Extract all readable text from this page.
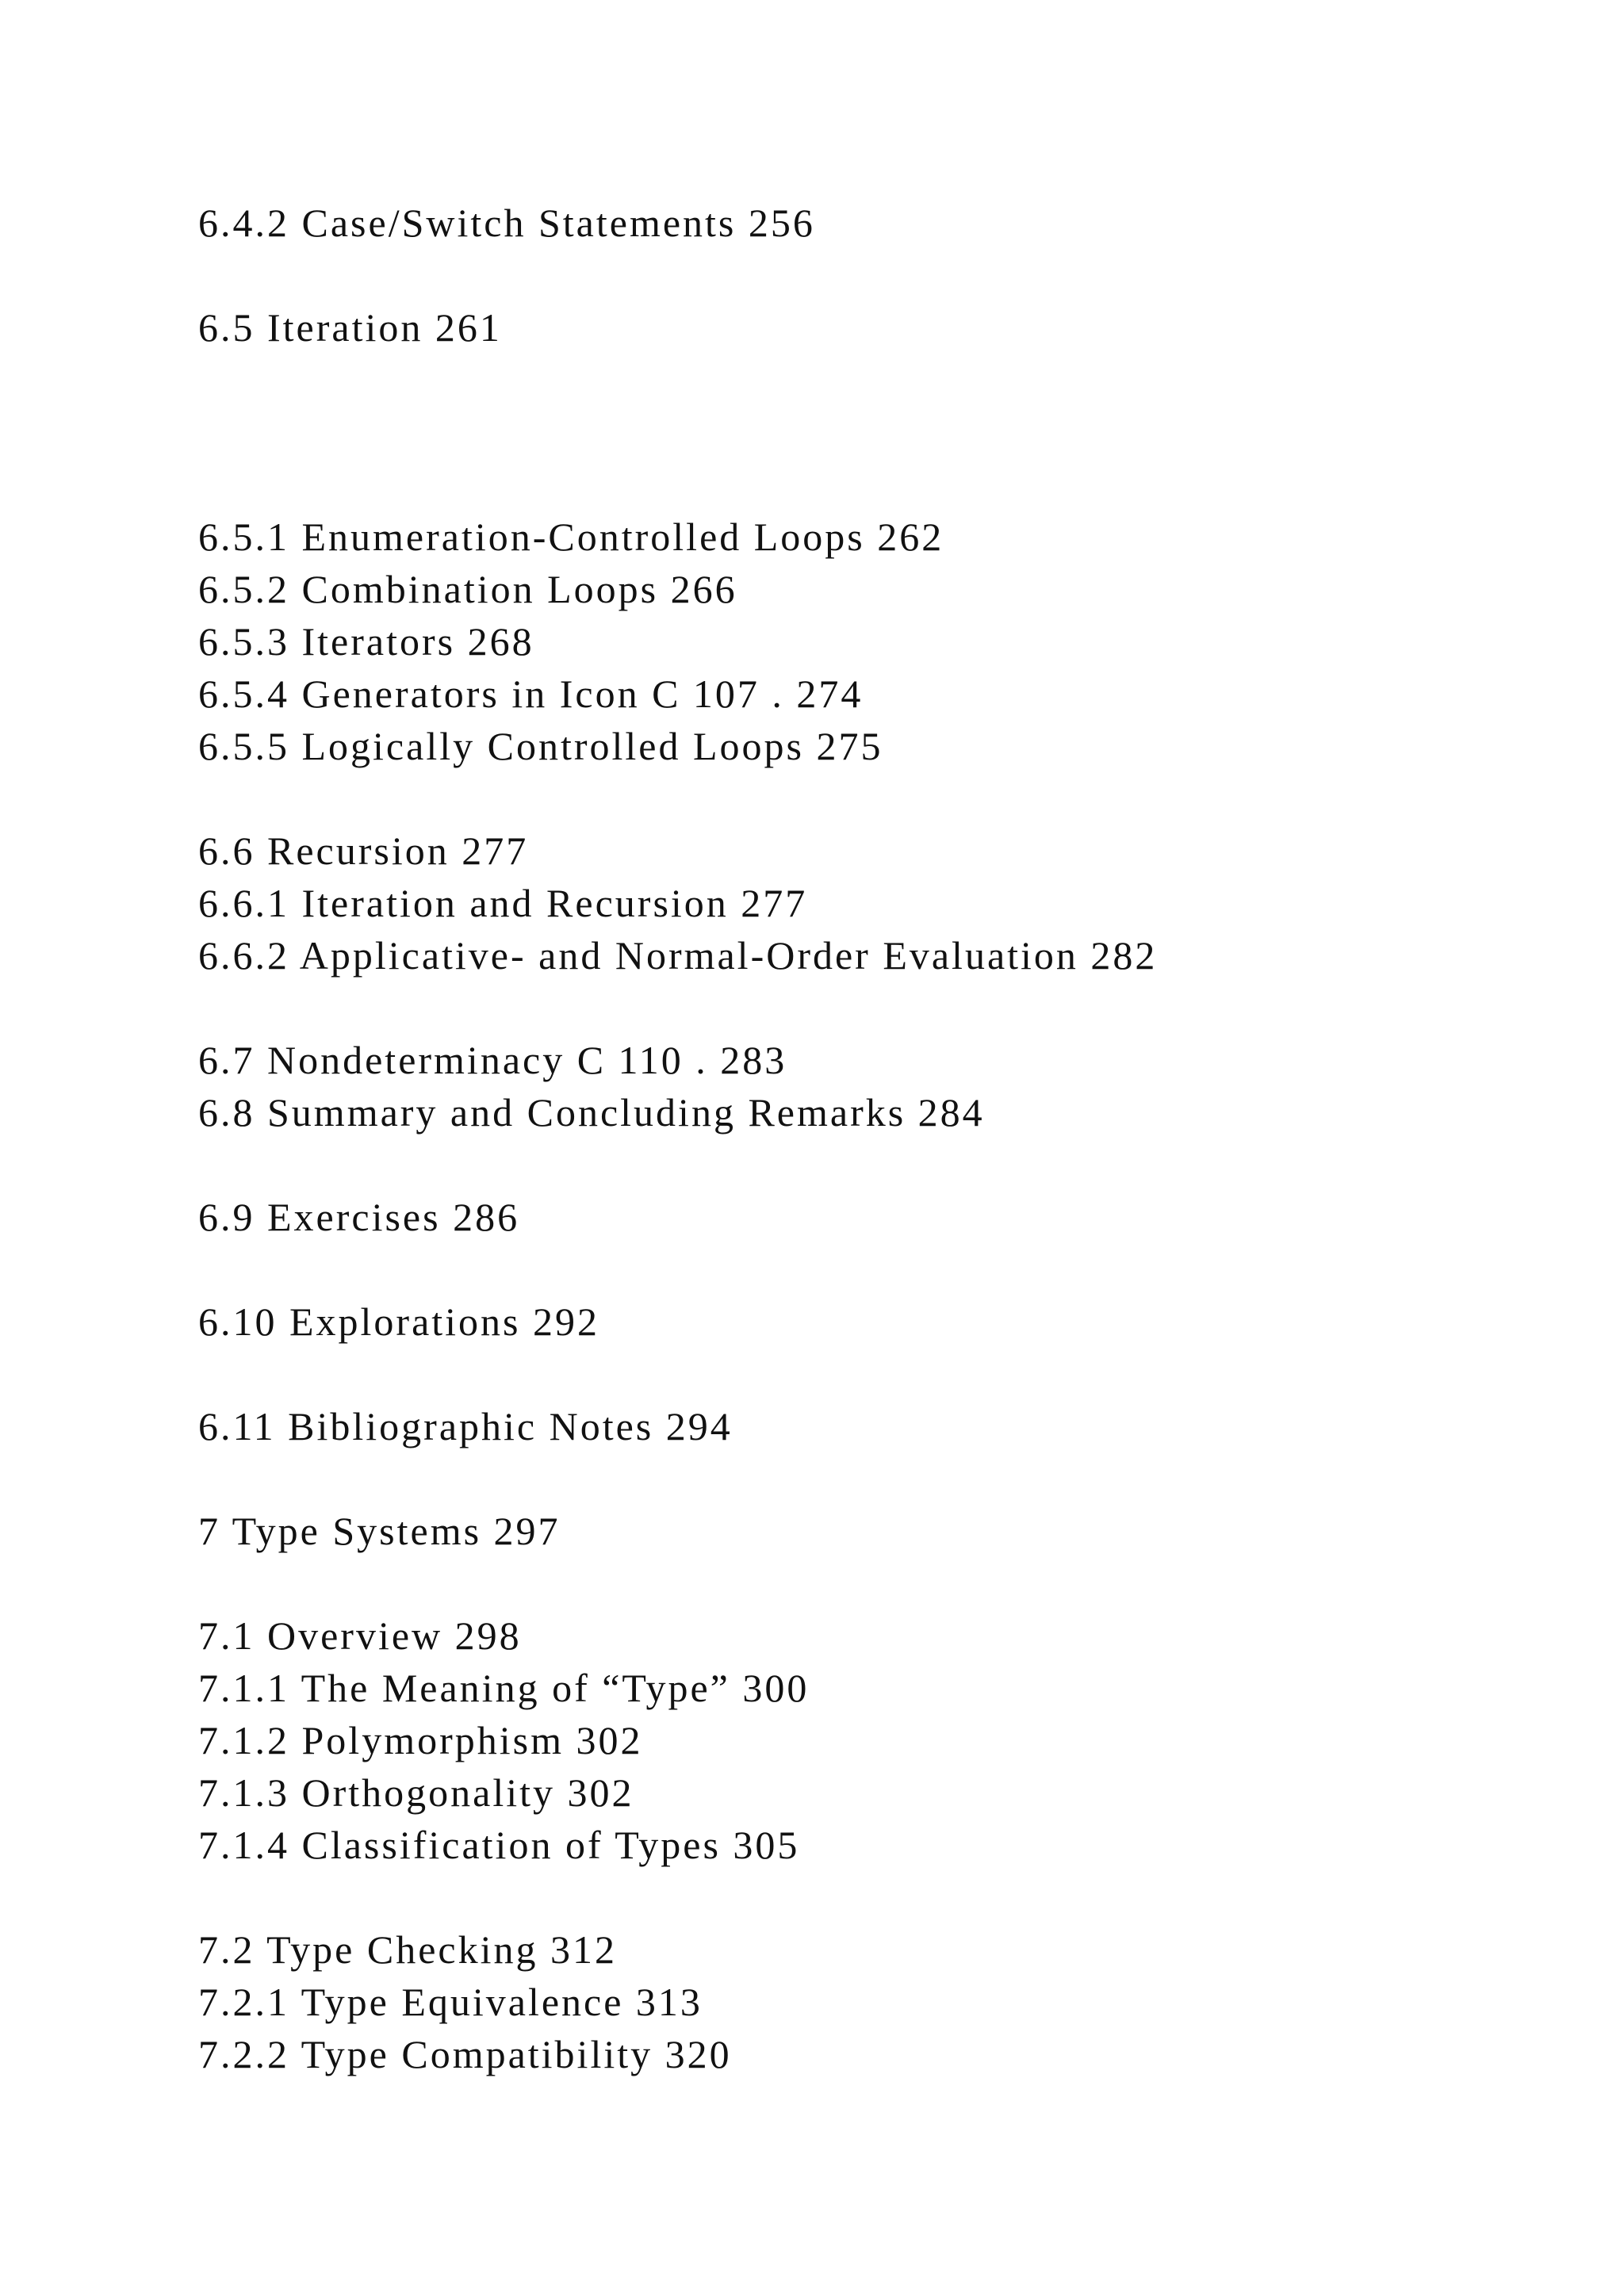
6.4.2 Case/Switch Statements 256
6.5 Iteration 261
6.5.1 Enumeration-Controlled Loops 262
6.5.2 Combination Loops 266
6.5.3 Iterators 268
6.5.4 Generators in Icon C 107 . 274
6.5.5 Logically Controlled Loops 275
6.6 Recursion 277
6.6.1 Iteration and Recursion 277
6.6.2 Applicative- and Normal-Order Evaluation 282
6.7 Nondeterminacy C 110 . 283
6.8 Summary and Concluding Remarks 284
6.9 Exercises 286
6.10 Explorations 292
6.11 Bibliographic Notes 294
7 Type Systems 297
7.1 Overview 298
7.1.1 The Meaning of “Type” 300
7.1.2 Polymorphism 302
7.1.3 Orthogonality 302
7.1.4 Classification of Types 305
7.2 Type Checking 312
7.2.1 Type Equivalence 313
7.2.2 Type Compatibility 320
